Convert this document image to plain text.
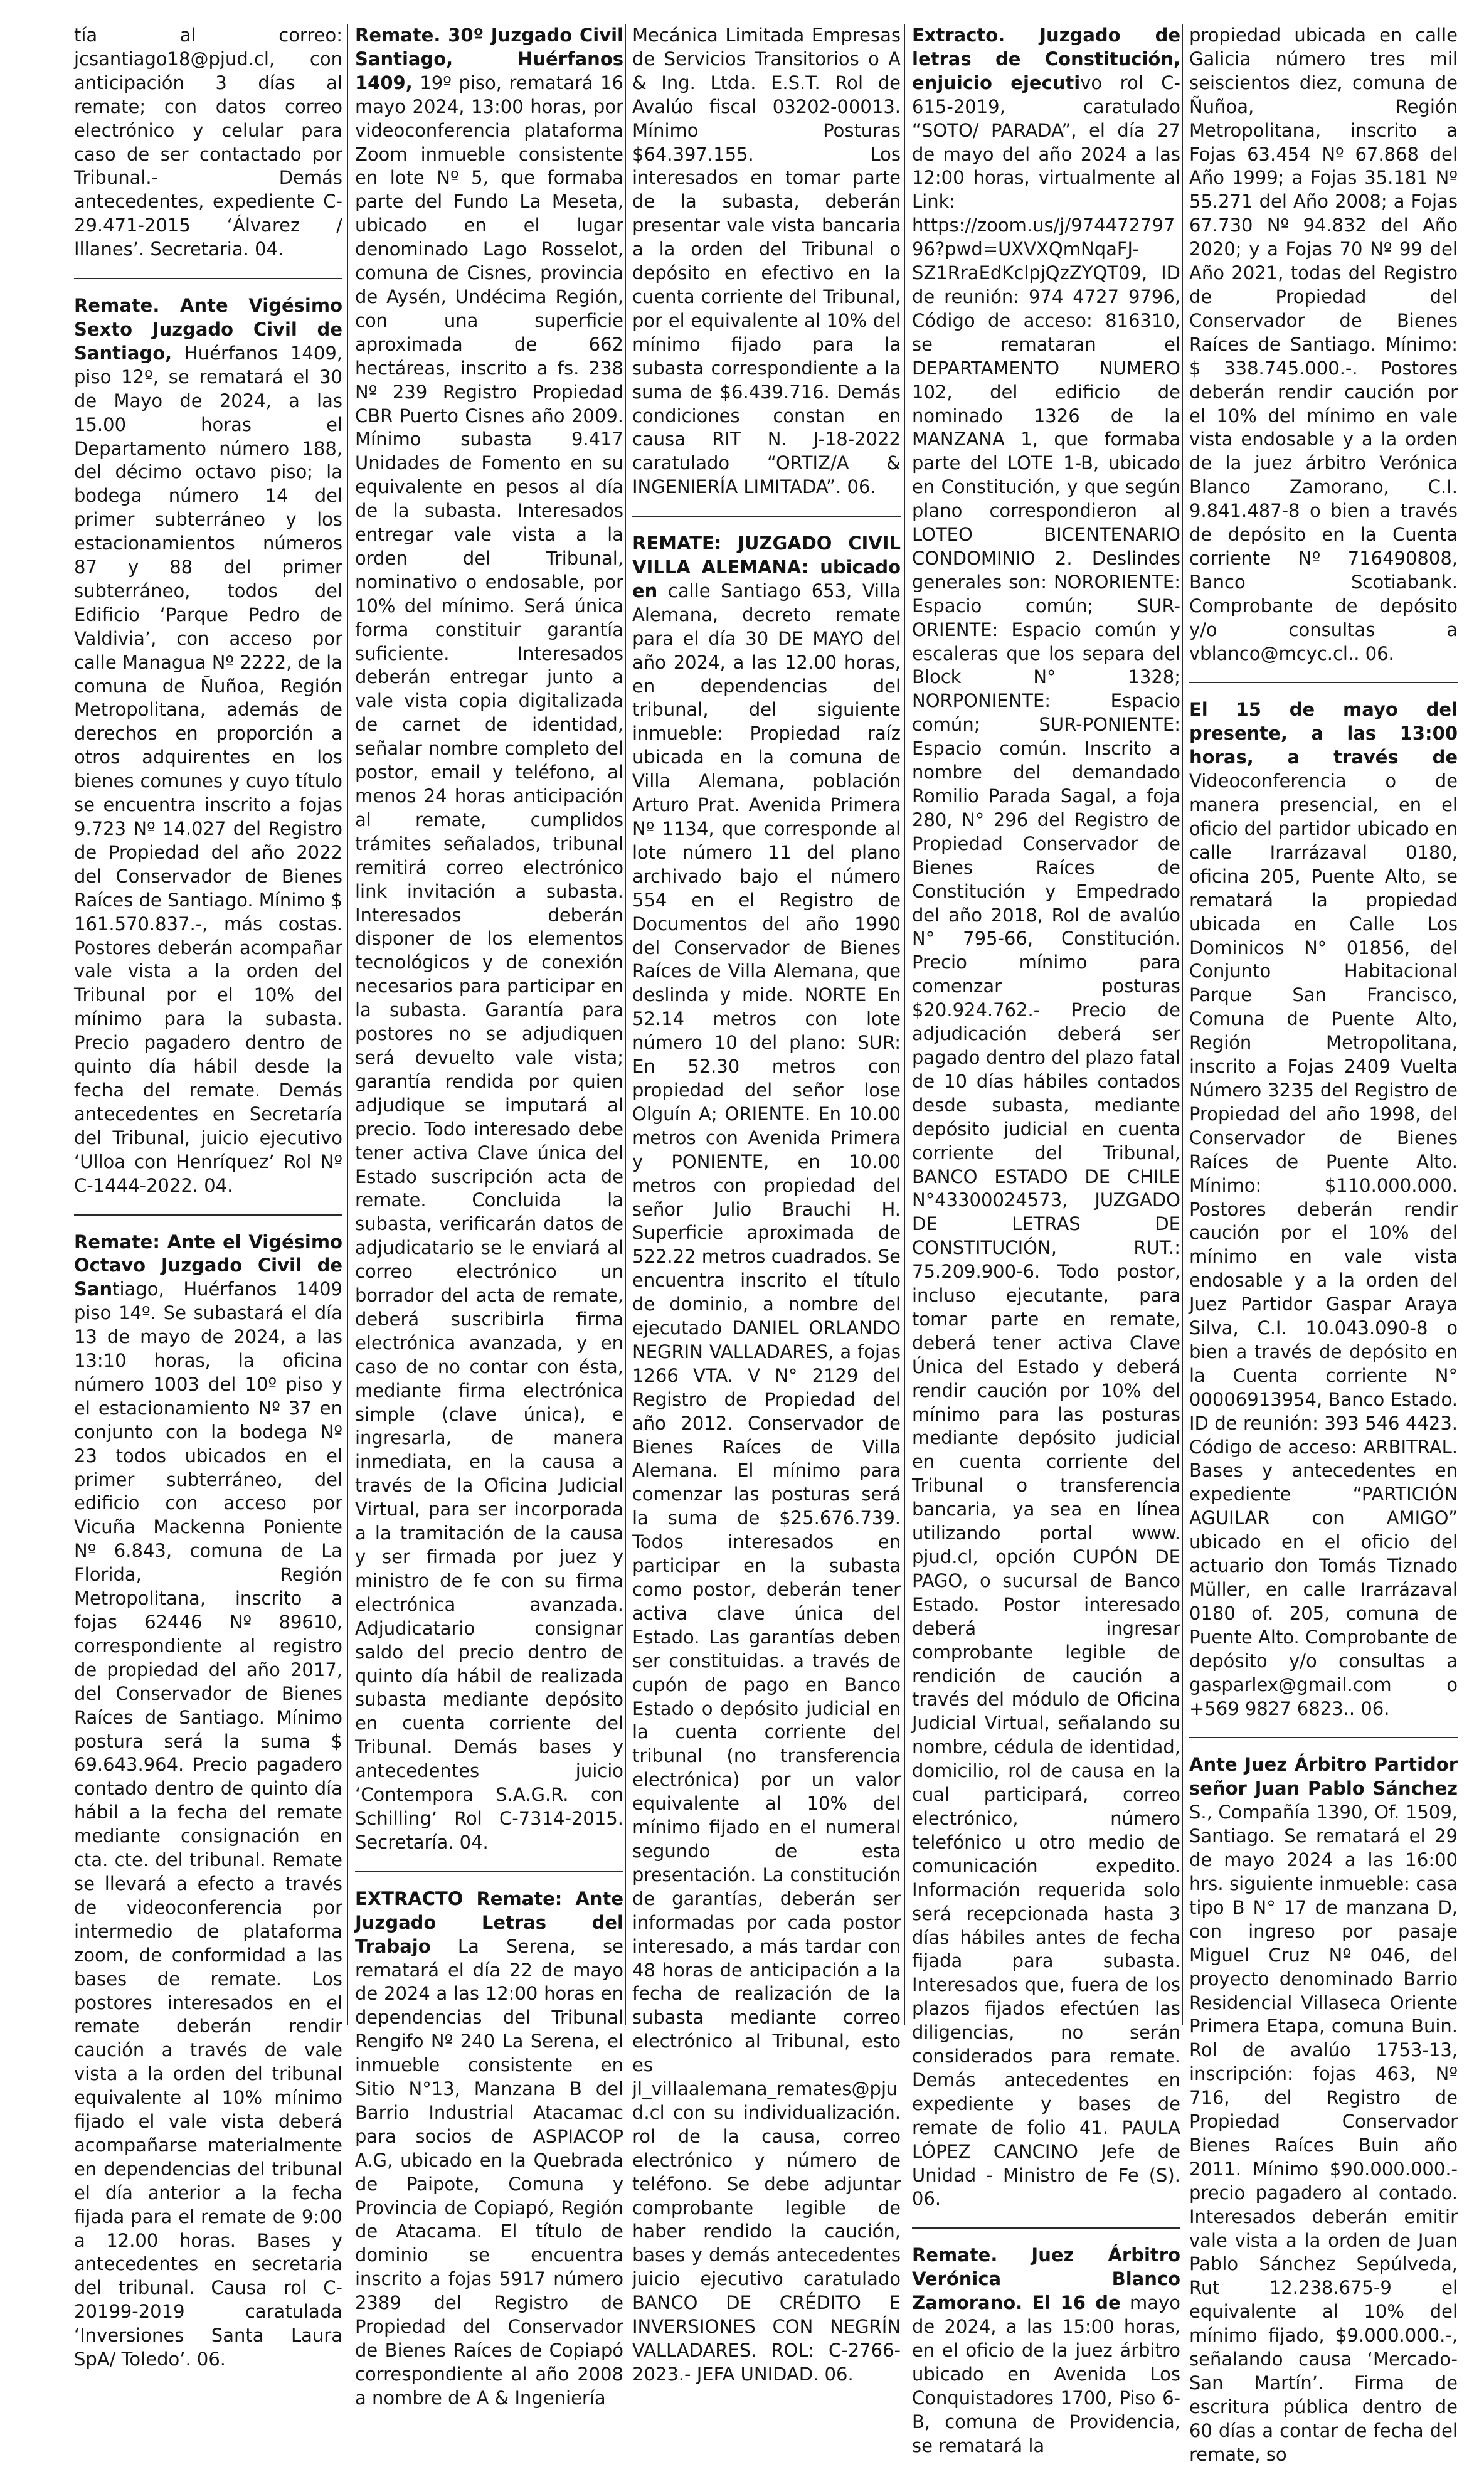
tía al correo: jcsantiago18@pjud.cl, con anticipación 3 días al remate; con datos correo electrónico y celular para caso de ser contactado por Tribunal.- Demás antecedentes, expediente C-29.471-2015 ‘Álvarez / Illanes’. Secretaria. 04.

Remate. Ante Vigésimo Sexto Juzgado Civil de Santiago, Huérfanos 1409, piso 12º, se rematará el 30 de Mayo de 2024, a las 15.00 horas el Departamento número 188, del décimo octavo piso; la bodega número 14 del primer subterráneo y los estacionamientos números 87 y 88 del primer subterráneo, todos del Edificio ‘Parque Pedro de Valdivia’, con acceso por calle Managua Nº 2222, de la comuna de Ñuñoa, Región Metropolitana, además de derechos en proporción a otros adquirentes en los bienes comunes y cuyo título se encuentra inscrito a fojas 9.723 Nº 14.027 del Registro de Propiedad del año 2022 del Conservador de Bienes Raíces de Santiago. Mínimo $ 161.570.837.-, más costas. Postores deberán acompañar vale vista a la orden del Tribunal por el 10% del mínimo para la subasta. Precio pagadero dentro de quinto día hábil desde la fecha del remate. Demás antecedentes en Secretaría del Tribunal, juicio ejecutivo ‘Ulloa con Henríquez’ Rol Nº C-1444-2022. 04.

Remate: Ante el Vigésimo Octavo Juzgado Civil de Santiago, Huérfanos 1409 piso 14º. Se subastará el día 13 de mayo de 2024, a las 13:10 horas, la oficina número 1003 del 10º piso y el estacionamiento Nº 37 en conjunto con la bodega Nº 23 todos ubicados en el primer subterráneo, del edificio con acceso por Vicuña Mackenna Poniente Nº 6.843, comuna de La Florida, Región Metropolitana, inscrito a fojas 62446 Nº 89610, correspondiente al registro de propiedad del año 2017, del Conservador de Bienes Raíces de Santiago. Mínimo postura será la suma $ 69.643.964. Precio pagadero contado dentro de quinto día hábil a la fecha del remate mediante consignación en cta. cte. del tribunal. Remate se llevará a efecto a través de videoconferencia por intermedio de plataforma zoom, de conformidad a las bases de remate. Los postores interesados en el remate deberán rendir caución a través de vale vista a la orden del tribunal equivalente al 10% mínimo fijado el vale vista deberá acompañarse materialmente en dependencias del tribunal el día anterior a la fecha fijada para el remate de 9:00 a 12.00 horas. Bases y antecedentes en secretaria del tribunal. Causa rol C-20199-2019 caratulada ‘Inversiones Santa Laura SpA/ Toledo’. 06.

Remate. 30º Juzgado Civil Santiago, Huérfanos 1409, 19º piso, rematará 16 mayo 2024, 13:00 horas, por videoconferencia plataforma Zoom inmueble consistente en lote Nº 5, que formaba parte del Fundo La Meseta, ubicado en el lugar denominado Lago Rosselot, comuna de Cisnes, provincia de Aysén, Undécima Región, con una superficie aproximada de 662 hectáreas, inscrito a fs. 238 Nº 239 Registro Propiedad CBR Puerto Cisnes año 2009. Mínimo subasta 9.417 Unidades de Fomento en su equivalente en pesos al día de la subasta. Interesados entregar vale vista a la orden del Tribunal, nominativo o endosable, por 10% del mínimo. Será única forma constituir garantía suficiente. Interesados deberán entregar junto a vale vista copia digitalizada de carnet de identidad, señalar nombre completo del postor, email y teléfono, al menos 24 horas anticipación al remate, cumplidos trámites señalados, tribunal remitirá correo electrónico link invitación a subasta. Interesados deberán disponer de los elementos tecnológicos y de conexión necesarios para participar en la subasta. Garantía para postores no se adjudiquen será devuelto vale vista; garantía rendida por quien adjudique se imputará al precio. Todo interesado debe tener activa Clave única del Estado suscripción acta de remate. Concluida la subasta, verificarán datos de adjudicatario se le enviará al correo electrónico un borrador del acta de remate, deberá suscribirla firma electrónica avanzada, y en caso de no contar con ésta, mediante firma electrónica simple (clave única), e ingresarla, de manera inmediata, en la causa a través de la Oficina Judicial Virtual, para ser incorporada a la tramitación de la causa y ser firmada por juez y ministro de fe con su firma electrónica avanzada. Adjudicatario consignar saldo del precio dentro de quinto día hábil de realizada subasta mediante depósito en cuenta corriente del Tribunal. Demás bases y antecedentes juicio ‘Contempora S.A.G.R. con Schilling’ Rol C-7314-2015. Secretaría. 04.

EXTRACTO Remate: Ante Juzgado Letras del Trabajo La Serena, se rematará el día 22 de mayo de 2024 a las 12:00 horas en dependencias del Tribunal Rengifo Nº 240 La Serena, el inmueble consistente en Sitio N°13, Manzana B del Barrio Industrial Atacamac para socios de ASPIACOP A.G, ubicado en la Quebrada de Paipote, Comuna y Provincia de Copiapó, Región de Atacama. El título de dominio se encuentra inscrito a fojas 5917 número 2389 del Registro de Propiedad del Conservador de Bienes Raíces de Copiapó correspondiente al año 2008 a nombre de A & Ingeniería

Mecánica Limitada Empresas de Servicios Transitorios o A & Ing. Ltda. E.S.T. Rol de Avalúo fiscal 03202-00013. Mínimo Posturas $64.397.155. Los interesados en tomar parte de la subasta, deberán presentar vale vista bancaria a la orden del Tribunal o depósito en efectivo en la cuenta corriente del Tribunal, por el equivalente al 10% del mínimo fijado para la subasta correspondiente a la suma de $6.439.716. Demás condiciones constan en causa RIT N. J-18-2022 caratulado “ORTIZ/A & INGENIERÍA LIMITADA”. 06.

REMATE: JUZGADO CIVIL VILLA ALEMANA: ubicado en calle Santiago 653, Villa Alemana, decreto remate para el día 30 DE MAYO del año 2024, a las 12.00 horas, en dependencias del tribunal, del siguiente inmueble: Propiedad raíz ubicada en la comuna de Villa Alemana, población Arturo Prat. Avenida Primera Nº 1134, que corresponde al lote número 11 del plano archivado bajo el número 554 en el Registro de Documentos del año 1990 del Conservador de Bienes Raíces de Villa Alemana, que deslinda y mide. NORTE En 52.14 metros con lote número 10 del plano: SUR: En 52.30 metros con propiedad del señor lose Olguín A; ORIENTE. En 10.00 metros con Avenida Primera y PONIENTE, en 10.00 metros con propiedad del señor Julio Brauchi H. Superficie aproximada de 522.22 metros cuadrados. Se encuentra inscrito el título de dominio, a nombre del ejecutado DANIEL ORLANDO NEGRIN VALLADARES, a fojas 1266 VTA. V N° 2129 del Registro de Propiedad del año 2012. Conservador de Bienes Raíces de Villa Alemana. El mínimo para comenzar las posturas será la suma de $25.676.739. Todos interesados en participar en la subasta como postor, deberán tener activa clave única del Estado. Las garantías deben ser constituidas. a través de cupón de pago en Banco Estado o depósito judicial en la cuenta corriente del tribunal (no transferencia electrónica) por un valor equivalente al 10% del mínimo fijado en el numeral segundo de esta presentación. La constitución de garantías, deberán ser informadas por cada postor interesado, a más tardar con 48 horas de anticipación a la fecha de realización de la subasta mediante correo electrónico al Tribunal, esto es jl_villaalemana_remates@pjud.cl con su individualización. rol de la causa, correo electrónico y número de teléfono. Se debe adjuntar comprobante legible de haber rendido la caución, bases y demás antecedentes juicio ejecutivo caratulado BANCO DE CRÉDITO E INVERSIONES CON NEGRÍN VALLADARES. ROL: C-2766-2023.- JEFA UNIDAD. 06.

Extracto. Juzgado de letras de Constitución, enjuicio ejecutivo rol C-615-2019, caratulado “SOTO/ PARADA”, el día 27 de mayo del año 2024 a las 12:00 horas, virtualmente al Link: https://zoom.us/j/97447279796?pwd=UXVXQmNqaFJ-SZ1RraEdKclpjQzZYQT09, ID de reunión: 974 4727 9796, Código de acceso: 816310, se remataran el DEPARTAMENTO NUMERO 102, del edificio de nominado 1326 de la MANZANA 1, que formaba parte del LOTE 1-B, ubicado en Constitución, y que según plano correspondieron al LOTEO BICENTENARIO CONDOMINIO 2. Deslindes generales son: NORORIENTE: Espacio común; SUR-ORIENTE: Espacio común y escaleras que los separa del Block N° 1328; NORPONIENTE: Espacio común; SUR-PONIENTE: Espacio común. Inscrito a nombre del demandado Romilio Parada Sagal, a foja 280, N° 296 del Registro de Propiedad Conservador de Bienes Raíces de Constitución y Empedrado del año 2018, Rol de avalúo N° 795-66, Constitución. Precio mínimo para comenzar posturas $20.924.762.- Precio de adjudicación deberá ser pagado dentro del plazo fatal de 10 días hábiles contados desde subasta, mediante depósito judicial en cuenta corriente del Tribunal, BANCO ESTADO DE CHILE N°43300024573, JUZGADO DE LETRAS DE CONSTITUCIÓN, RUT.: 75.209.900-6. Todo postor, incluso ejecutante, para tomar parte en remate, deberá tener activa Clave Única del Estado y deberá rendir caución por 10% del mínimo para las posturas mediante depósito judicial en cuenta corriente del Tribunal o transferencia bancaria, ya sea en línea utilizando portal www. pjud.cl, opción CUPÓN DE PAGO, o sucursal de Banco Estado. Postor interesado deberá ingresar comprobante legible de rendición de caución a través del módulo de Oficina Judicial Virtual, señalando su nombre, cédula de identidad, domicilio, rol de causa en la cual participará, correo electrónico, número telefónico u otro medio de comunicación expedito. Información requerida solo será recepcionada hasta 3 días hábiles antes de fecha fijada para subasta. Interesados que, fuera de los plazos fijados efectúen las diligencias, no serán considerados para remate. Demás antecedentes en expediente y bases de remate de folio 41. PAULA LÓPEZ CANCINO Jefe de Unidad - Ministro de Fe (S). 06.

Remate. Juez Árbitro Verónica Blanco Zamorano. El 16 de mayo de 2024, a las 15:00 horas, en el oficio de la juez árbitro ubicado en Avenida Los Conquistadores 1700, Piso 6-B, comuna de Providencia, se rematará la

propiedad ubicada en calle Galicia número tres mil seiscientos diez, comuna de Ñuñoa, Región Metropolitana, inscrito a Fojas 63.454 Nº 67.868 del Año 1999; a Fojas 35.181 Nº 55.271 del Año 2008; a Fojas 67.730 Nº 94.832 del Año 2020; y a Fojas 70 Nº 99 del Año 2021, todas del Registro de Propiedad del Conservador de Bienes Raíces de Santiago. Mínimo: $ 338.745.000.-. Postores deberán rendir caución por el 10% del mínimo en vale vista endosable y a la orden de la juez árbitro Verónica Blanco Zamorano, C.I. 9.841.487-8 o bien a través de depósito en la Cuenta corriente Nº 716490808, Banco Scotiabank. Comprobante de depósito y/o consultas a vblanco@mcyc.cl.. 06.

El 15 de mayo del presente, a las 13:00 horas, a través de Videoconferencia o de manera presencial, en el oficio del partidor ubicado en calle Irarrázaval 0180, oficina 205, Puente Alto, se rematará la propiedad ubicada en Calle Los Dominicos N° 01856, del Conjunto Habitacional Parque San Francisco, Comuna de Puente Alto, Región Metropolitana, inscrito a Fojas 2409 Vuelta Número 3235 del Registro de Propiedad del año 1998, del Conservador de Bienes Raíces de Puente Alto. Mínimo: $110.000.000. Postores deberán rendir caución por el 10% del mínimo en vale vista endosable y a la orden del Juez Partidor Gaspar Araya Silva, C.I. 10.043.090-8 o bien a través de depósito en la Cuenta corriente N° 00006913954, Banco Estado. ID de reunión: 393 546 4423. Código de acceso: ARBITRAL. Bases y antecedentes en expediente “PARTICIÓN AGUILAR con AMIGO” ubicado en el oficio del actuario don Tomás Tiznado Müller, en calle Irarrázaval 0180 of. 205, comuna de Puente Alto. Comprobante de depósito y/o consultas a gasparlex@gmail.com o +569 9827 6823.. 06.

Ante Juez Árbitro Partidor señor Juan Pablo Sánchez S., Compañía 1390, Of. 1509, Santiago. Se rematará el 29 de mayo 2024 a las 16:00 hrs. siguiente inmueble: casa tipo B N° 17 de manzana D, con ingreso por pasaje Miguel Cruz Nº 046, del proyecto denominado Barrio Residencial Villaseca Oriente Primera Etapa, comuna Buin. Rol de avalúo 1753-13, inscripción: fojas 463, Nº 716, del Registro de Propiedad Conservador Bienes Raíces Buin año 2011. Mínimo $90.000.000.- precio pagadero al contado. Interesados deberán emitir vale vista a la orden de Juan Pablo Sánchez Sepúlveda, Rut 12.238.675-9 el equivalente al 10% del mínimo fijado, $9.000.000.-, señalando causa ‘Mercado-San Martín’. Firma de escritura pública dentro de 60 días a contar de fecha del remate, so
